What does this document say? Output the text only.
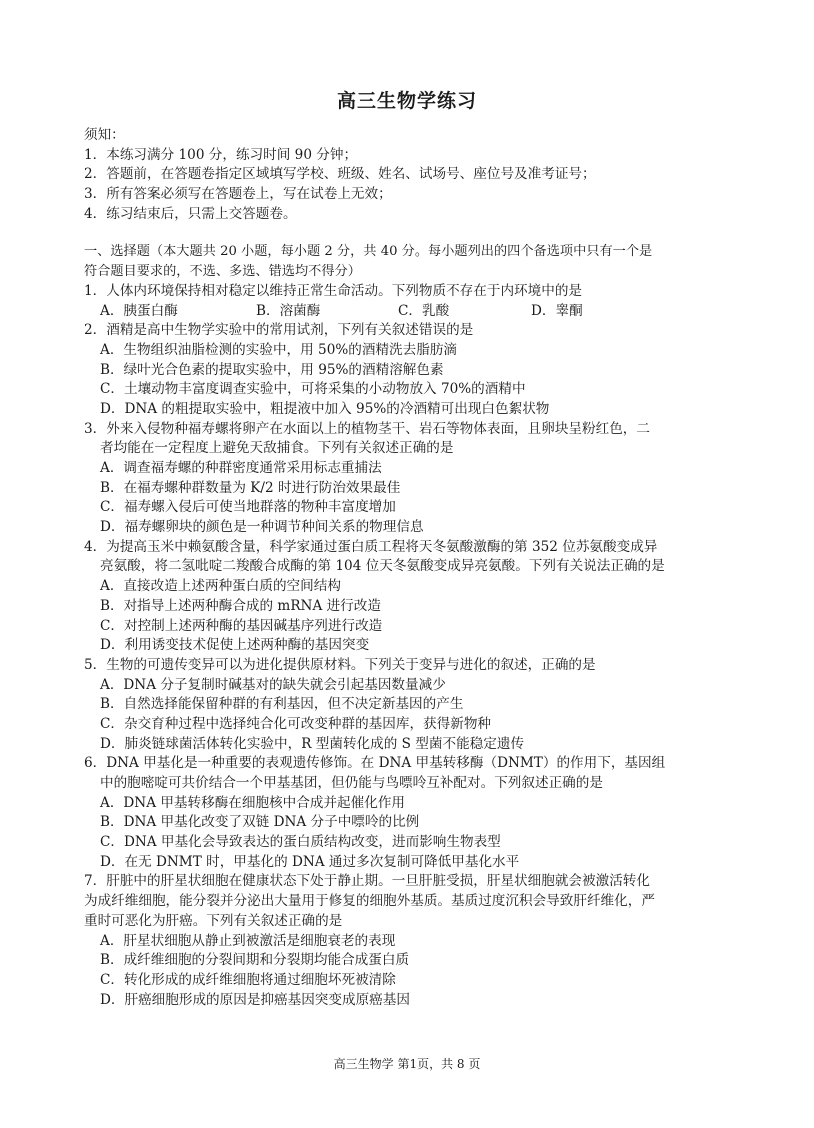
高三生物学练习
须知：
1．本练习满分 100 分，练习时间 90 分钟；
2．答题前，在答题卷指定区域填写学校、班级、姓名、试场号、座位号及准考证号；
3．所有答案必须写在答题卷上，写在试卷上无效；
4．练习结束后，只需上交答题卷。
一、选择题（本大题共 20 小题，每小题 2 分，共 40 分。每小题列出的四个备选项中只有一个是
符合题目要求的，不选、多选、错选均不得分）
1．人体内环境保持相对稳定以维持正常生命活动。下列物质不存在于内环境中的是
A．胰蛋白酶	B．溶菌酶	C．乳酸	D．睾酮
2．酒精是高中生物学实验中的常用试剂，下列有关叙述错误的是
A．生物组织油脂检测的实验中，用 50%的酒精洗去脂肪滴
B．绿叶光合色素的提取实验中，用 95%的酒精溶解色素
C．土壤动物丰富度调查实验中，可将采集的小动物放入 70%的酒精中
D．DNA 的粗提取实验中，粗提液中加入 95%的冷酒精可出现白色絮状物
3．外来入侵物种福寿螺将卵产在水面以上的植物茎干、岩石等物体表面，且卵块呈粉红色，二
者均能在一定程度上避免天敌捕食。下列有关叙述正确的是
A．调查福寿螺的种群密度通常采用标志重捕法
B．在福寿螺种群数量为 K/2 时进行防治效果最佳
C．福寿螺入侵后可使当地群落的物种丰富度增加
D．福寿螺卵块的颜色是一种调节种间关系的物理信息
4．为提高玉米中赖氨酸含量，科学家通过蛋白质工程将天冬氨酸激酶的第 352 位苏氨酸变成异
亮氨酸，将二氢吡啶二羧酸合成酶的第 104 位天冬氨酸变成异亮氨酸。下列有关说法正确的是
A．直接改造上述两种蛋白质的空间结构
B．对指导上述两种酶合成的 mRNA 进行改造
C．对控制上述两种酶的基因碱基序列进行改造
D．利用诱变技术促使上述两种酶的基因突变
5．生物的可遗传变异可以为进化提供原材料。下列关于变异与进化的叙述，正确的是
A．DNA 分子复制时碱基对的缺失就会引起基因数量减少
B．自然选择能保留种群的有利基因，但不决定新基因的产生
C．杂交育种过程中选择纯合化可改变种群的基因库，获得新物种
D．肺炎链球菌活体转化实验中，R 型菌转化成的 S 型菌不能稳定遗传
6．DNA 甲基化是一种重要的表观遗传修饰。在 DNA 甲基转移酶（DNMT）的作用下，基因组
中的胞嘧啶可共价结合一个甲基基团，但仍能与鸟嘌呤互补配对。下列叙述正确的是
A．DNA 甲基转移酶在细胞核中合成并起催化作用
B．DNA 甲基化改变了双链 DNA 分子中嘌呤的比例
C．DNA 甲基化会导致表达的蛋白质结构改变，进而影响生物表型
D．在无 DNMT 时，甲基化的 DNA 通过多次复制可降低甲基化水平
7．肝脏中的肝星状细胞在健康状态下处于静止期。一旦肝脏受损，肝星状细胞就会被激活转化
为成纤维细胞，能分裂并分泌出大量用于修复的细胞外基质。基质过度沉积会导致肝纤维化，严
重时可恶化为肝癌。下列有关叙述正确的是
A．肝星状细胞从静止到被激活是细胞衰老的表现
B．成纤维细胞的分裂间期和分裂期均能合成蛋白质
C．转化形成的成纤维细胞将通过细胞坏死被清除
D．肝癌细胞形成的原因是抑癌基因突变成原癌基因
高三生物学 第1页，共 8 页
